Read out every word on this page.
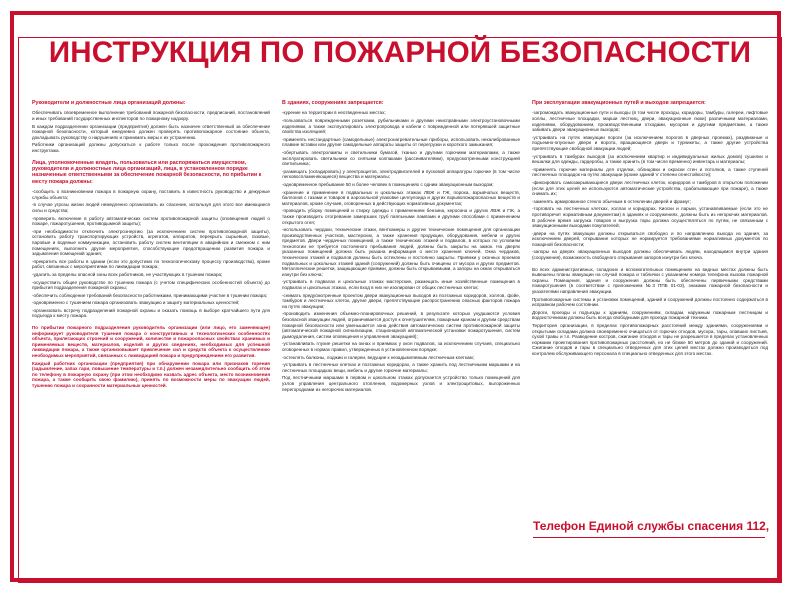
ИНСТРУКЦИЯ ПО ПОЖАРНОЙ БЕЗОПАСНОСТИ
Руководители и должностные лица организаций должны:

Обеспечивать своевременное выполнение требований пожарной безопасности, предписаний, постановлений и иных требований государственных инспекторов по пожарному надзору.

В каждом подразделении организации (предприятия) должен быть назначен ответственный за обеспечение пожарной безопасности, который ежедневно должен проверять противопожарное состояние объекта, докладывать руководству о нарушениях и принимать меры к их устранению.

Работники организаций должны допускаться к работе только после прохождения противопожарного инструктажа.

Лица, уполномоченные владеть, пользоваться или распоряжаться имуществом, руководители и должностные лица организаций, лица, в установленном порядке назначенные ответственными за обеспечение пожарной безопасности, по прибытии к месту пожара должны:

-сообщить о возникновении пожара в пожарную охрану, поставить в известность руководство и дежурные службы объекта;

-в случае угрозы жизни людей немедленно организовать их спасение, используя для этого все имеющиеся силы и средства;

-проверить включение в работу автоматических систем противопожарной защиты (оповещения людей о пожаре, пожаротушения, противодымной защиты);

-при необходимости отключить электроэнергию (за исключением систем противопожарной защиты), остановить работу транспортирующих устройств, агрегатов, аппаратов, перекрыть сырьевые, газовые, паровые и водяные коммуникации, остановить работу систем вентиляции в аварийном и смежном с ним помещениях, выполнить другие мероприятия, способствующие предотвращению развития пожара и задымления помещений здания;

-прекратить все работы в здании (если это допустимо по технологическому процессу производства), кроме работ, связанных с мероприятиями по ликвидации пожара;

-удалить за пределы опасной зоны всех работников, не участвующих в тушении пожара;

-осуществить общее руководство по тушению пожара (с учетом специфических особенностей объекта) до прибытия подразделения пожарной охраны;

-обеспечить соблюдение требований безопасности работниками, принимающими участие в тушении пожара;

-одновременно с тушением пожара организовать эвакуацию и защиту материальных ценностей;

-организовать встречу подразделений пожарной охраны и оказать помощь в выборе кратчайшего пути для подъезда к месту пожара.

По прибытии пожарного подразделения руководитель организации (или лицо, его заменяющее) информирует руководителя тушения пожара о конструктивных и технологических особенностях объекта, прилегающих строений и сооружений, количестве и пожароопасных свойствах хранимых и применяемых веществ, материалов, изделий и других сведениях, необходимых для успешной ликвидации пожара, а также организовывает привлечение сил и средств объекта к осуществлению необходимых мероприятий, связанных с ликвидацией пожара и предупреждением его развития.

Каждый работник организации (предприятия) при обнаружении пожара или признаков горения (задымление, запах гари, повышение температуры и т.п.) должен незамедлительно сообщить об этом по телефону в пожарную охрану (при этом необходимо назвать адрес объекта, место возникновения пожара, а также сообщить свою фамилию), принять по возможности меры по эвакуации людей, тушению пожара и сохранности материальных ценностей.

В зданиях, сооружениях запрещается:

-курение на территории в неотведенных местах;

-пользоваться поврежденными розетками, рубильниками и другими неисправными электроустановочными изделиями, а также эксплуатировать электропровода и кабели с поврежденной или потерявшей защитные свойства изоляцией;

-применять нестандартные (самодельные) электронагревательные приборы, использовать некалиброванные плавкие вставки или другие самодельные аппараты защиты от перегрузки и короткого замыкания;

-обертывать электролампы и светильники бумагой, тканью и другими горючими материалами, а также эксплуатировать светильники со снятыми колпаками (рассеивателями), предусмотренными конструкцией светильника;

-размещать (складировать) у электрощитов, электродвигателей и пусковой аппаратуры горючие (в том числе легковоспламеняющиеся) вещества и материалы;

-одновременное пребывание 50 и более человек в помещениях с одним эвакуационным выходом;

-хранение и применение в подвальных и цокольных этажах ЛВЖ и ГЖ, пороха, взрывчатых веществ, баллонов с газами и товаров в аэрозольной упаковке целлулоида и других взрывопожароопасных веществ и материалов, кроме случаев, оговоренных в действующих нормативных документах;

-проводить уборку помещений и стирку одежды с применением бензина, керосина и других ЛВЖ и ГЖ, а также производить отогревание замерзших труб паяльными лампами и другими способами с применением открытого огня;

-использовать чердаки, технические этажи, венткамеры и другие технические помещения для организации производственных участков, мастерских, а также хранения продукции, оборудования, мебели и других предметов. Двери чердачных помещений, а также технических этажей и подвалов, в которых по условиям технологии не требуется постоянного пребывания людей, должны быть закрыты на замок. На дверях указанных помещений должна быть указана информация о месте хранения ключей. Окна чердаков, технических этажей и подвалов должны быть остеклены и постоянно закрыты. Приямки у оконных проемов подвальных и цокольных этажей зданий (сооружений) должны быть очищены от мусора и других предметов. Металлические решетки, защищающие приямки, должны быть открываемыми, а запоры на окнах открываться изнутри без ключа;

-устраивать в подвалах и цокольных этажах мастерские, размещать иные хозяйственные помещения в подвалах и цокольных этажах, если вход в них не изолирован от общих лестничных клеток;

-снимать предусмотренные проектом двери эвакуационных выходов из поэтажных коридоров, холлов, фойе, тамбуров и лестничных клеток, другие двери, препятствующие распространению опасных факторов пожара на путях эвакуации;

-производить изменения объемно-планировочных решений, в результате которых ухудшаются условия безопасной эвакуации людей, ограничивается доступ к огнетушителям, пожарным кранам и другим средствам пожарной безопасности или уменьшается зона действия автоматических систем противопожарной защиты (автоматической пожарной сигнализации, стационарной автоматической установки пожаротушения, систем дымоудаления, систем оповещения и управления эвакуацией);

-устанавливать глухие решетки на окнах и приямках у окон подвалов, за исключением случаев, специально оговоренных в нормах правил, утвержденных в установленном порядке;

-остеклять балконы, лоджии и галереи, ведущие к незадымляемым лестничным клеткам;

-устраивать в лестничных клетках и поэтажных коридорах, а также хранить под лестничными маршами и на лестничных площадках вещи, мебель и другие горючие материалы;

Под лестничными маршами в первом и цокольном этажах допускается устройство только помещений для узлов управления центрального отопления, водомерных узлов и электрощитовых, выгороженных перегородками из негорючих материалов.

При эксплуатации эвакуационных путей и выходов запрещается:

-загромождать эвакуационные пути и выходы (в том числе проходы, коридоры, тамбуры, галереи, лифтовые холлы, лестничные площадки, марши лестниц, двери, эвакуационные люки) различными материалами, изделиями, оборудованием, производственными отходами, мусором и другими предметами, а также забивать двери эвакуационных выходов;

-устраивать на путях эвакуации пороги (за исключением порогов в дверных проемах), раздвижные и подъемно-опускные двери и ворота, вращающиеся двери и турникеты, а также другие устройства препятствующие свободной эвакуации людей;

-устраивать в тамбурах выходов (за исключением квартир и индивидуальных жилых домов) сушилки и вешалки для одежды, гардеробы, а также хранить (в том числе временно) инвентарь и материалы;

-применять горючие материалы для отделки, облицовки и окраски стен и потолков, а также ступеней лестничных площадок на путях эвакуации (кроме зданий V степени огнестойкости);

-фиксировать самозакрывающиеся двери лестничных клеток, коридоров и тамбуров в открытом положении (если для этих целей не используются автоматические устройства, срабатывающие при пожаре), а также снимать их;

-заменять армированное стекло обычным в остеклении дверей и фрамуг;

-торговать на лестничных клетках, холлах и коридорах. Киоски и ларьки, устанавливаемые (если это не противоречит нормативным документам) в зданиях и сооружениях, должны быть из негорючих материалов. В рабочее время загрузка товаров и выгрузка тары должна осуществляться по путям, не связанным с эвакуационными выходами покупателей;

-двери на путях эвакуации должны открываться свободно и по направлению выхода из здания, за исключением дверей, открывание которых не нормируется требованиями нормативных документов по пожарной безопасности;

-запоры на дверях эвакуационных выходов должны обеспечивать людям, находящимся внутри здания (сооружения), возможность свободного открывания запоров изнутри без ключа.

Во всех административных, складских и вспомогательных помещениях на видных местах должны быть вывешены планы эвакуации на случай пожара и таблички с указанием номера телефона вызова пожарной охраны. Помещения, здания и сооружения должны быть обеспечены первичными средствами пожаротушения (в соответствии с приложением №3 ППБ 01-03), знаками пожарной безопасности и указателями направления эвакуации.

Противопожарные системы и установки помещений, зданий и сооружений должны постоянно содержаться в исправном рабочем состоянии.

Дороги, проезды и подъезды к зданиям, сооружениям, складам, наружным пожарным лестницам и водоисточникам должны быть всегда свободными для проезда пожарной техники.

Территория организации, в пределах противопожарных расстояний между зданиями, сооружениями и открытыми складами должна своевременно очищаться от горючих отходов, мусора, тары, опавших листьев, сухой травы и т.п. Разведение костров, сжигание отходов и тары не разрешается в пределах установленных нормами проектирования противопожарных расстояний, но не ближе 50 метров до зданий и сооружений. Сжигание отходов и тары в специально отведенных для этих целей местах должно производиться под контролем обслуживающего персонала в специально отведенных для этого местах.

Телефон Единой службы спасения 112,
